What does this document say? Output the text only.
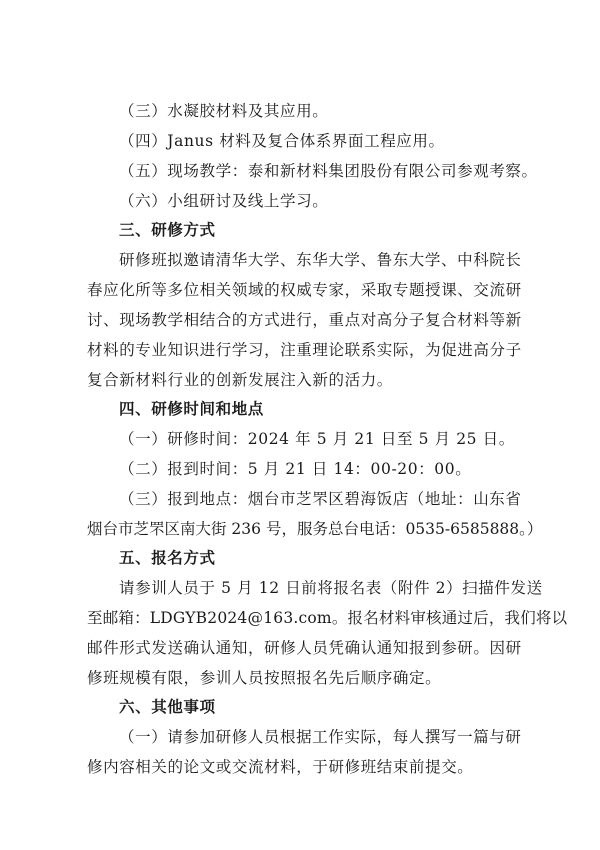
（三）水凝胶材料及其应用。
（四）Janus 材料及复合体系界面工程应用。
（五）现场教学：泰和新材料集团股份有限公司参观考察。
（六）小组研讨及线上学习。
三、研修方式
研修班拟邀请清华大学、东华大学、鲁东大学、中科院长
春应化所等多位相关领域的权威专家，采取专题授课、交流研
讨、现场教学相结合的方式进行，重点对高分子复合材料等新
材料的专业知识进行学习，注重理论联系实际，为促进高分子
复合新材料行业的创新发展注入新的活力。
四、研修时间和地点
（一）研修时间：2024 年 5 月 21 日至 5 月 25 日。
（二）报到时间：5 月 21 日 14：00-20：00。
（三）报到地点：烟台市芝罘区碧海饭店（地址：山东省
烟台市芝罘区南大街 236 号，服务总台电话：0535-6585888。）
五、报名方式
请参训人员于 5 月 12 日前将报名表（附件 2）扫描件发送
至邮箱：LDGYB2024@163.com。报名材料审核通过后，我们将以
邮件形式发送确认通知，研修人员凭确认通知报到参研。因研
修班规模有限，参训人员按照报名先后顺序确定。
六、其他事项
（一）请参加研修人员根据工作实际，每人撰写一篇与研
修内容相关的论文或交流材料，于研修班结束前提交。
